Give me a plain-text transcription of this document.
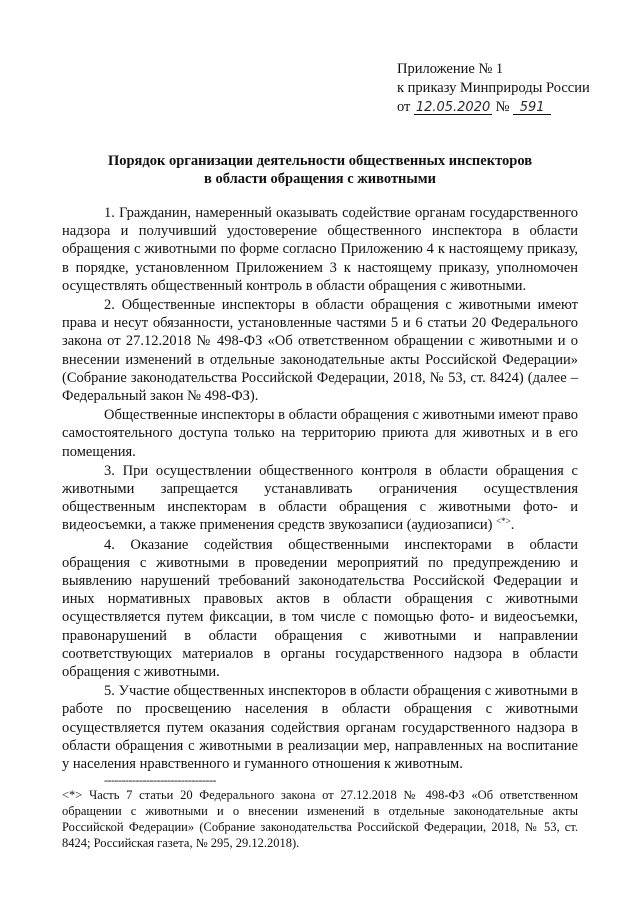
Приложение № 1
к приказу Минприроды России
от 12.05.2020 № 591
Порядок организации деятельности общественных инспекторов
в области обращения с животными

1. Гражданин, намеренный оказывать содействие органам государственного надзора и получивший удостоверение общественного инспектора в области обращения с животными по форме согласно Приложению 4 к настоящему приказу, в порядке, установленном Приложением 3 к настоящему приказу, уполномочен осуществлять общественный контроль в области обращения с животными.

2. Общественные инспекторы в области обращения с животными имеют права и несут обязанности, установленные частями 5 и 6 статьи 20 Федерального закона от 27.12.2018 № 498-ФЗ «Об ответственном обращении с животными и о внесении изменений в отдельные законодательные акты Российской Федерации» (Собрание законодательства Российской Федерации, 2018, № 53, ст. 8424) (далее – Федеральный закон № 498-ФЗ).

Общественные инспекторы в области обращения с животными имеют право самостоятельного доступа только на территорию приюта для животных и в его помещения.

3. При осуществлении общественного контроля в области обращения с животными запрещается устанавливать ограничения осуществления общественным инспекторам в области обращения с животными фото- и видеосъемки, а также применения средств звукозаписи (аудиозаписи) <*>.

4. Оказание содействия общественными инспекторами в области обращения с животными в проведении мероприятий по предупреждению и выявлению нарушений требований законодательства Российской Федерации и иных нормативных правовых актов в области обращения с животными осуществляется путем фиксации, в том числе с помощью фото- и видеосъемки, правонарушений в области обращения с животными и направлении соответствующих материалов в органы государственного надзора в области обращения с животными.

5. Участие общественных инспекторов в области обращения с животными в работе по просвещению населения в области обращения с животными осуществляется путем оказания содействия органам государственного надзора в области обращения с животными в реализации мер, направленных на воспитание у населения нравственного и гуманного отношения к животным.

--------------------------------
<*> Часть 7 статьи 20 Федерального закона от 27.12.2018 № 498-ФЗ «Об ответственном обращении с животными и о внесении изменений в отдельные законодательные акты Российской Федерации» (Собрание законодательства Российской Федерации, 2018, № 53, ст. 8424; Российская газета, № 295, 29.12.2018).
